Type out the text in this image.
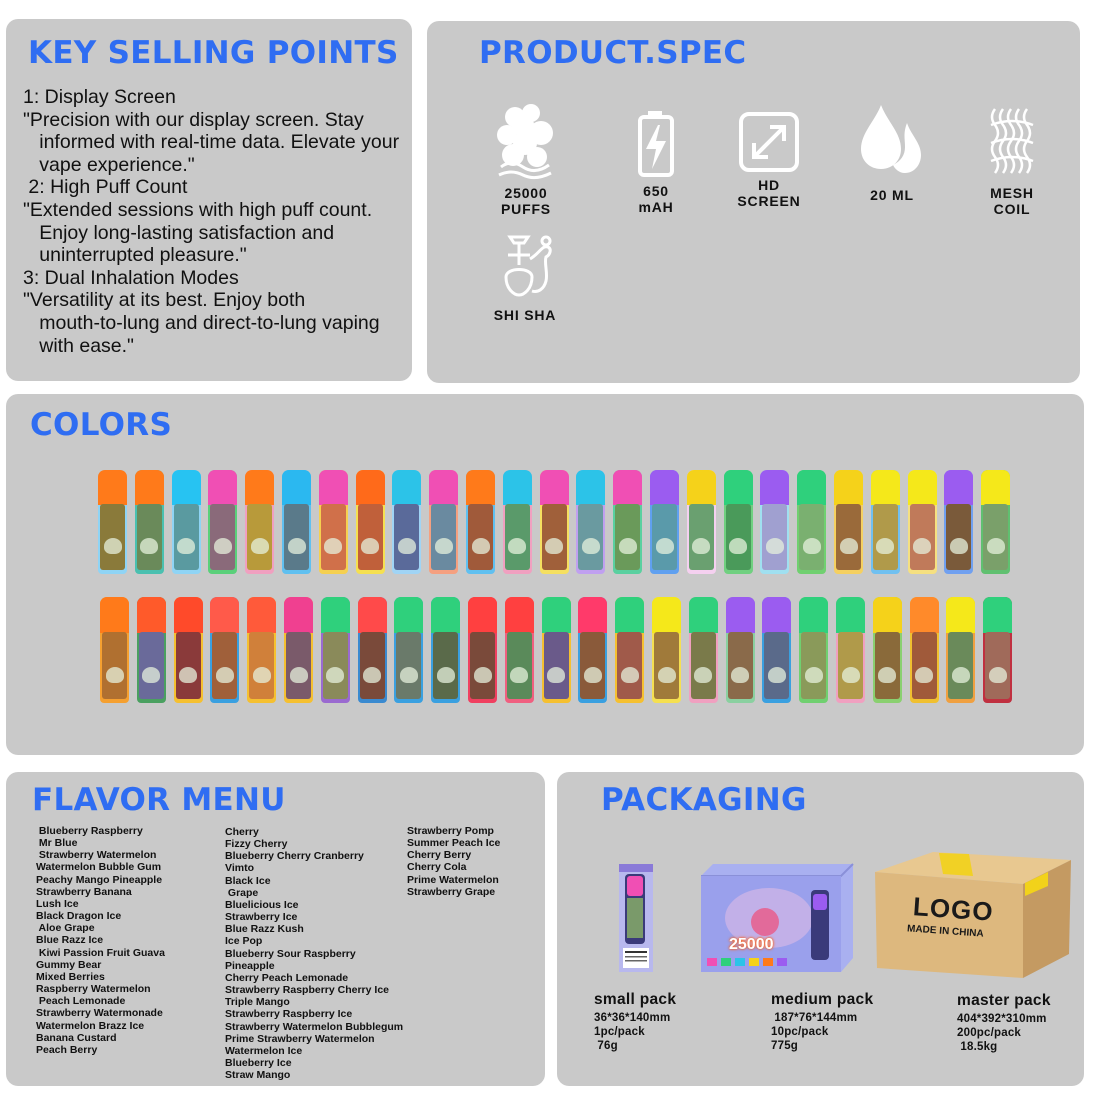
KEY SELLING POINTS
1: Display Screen
"Precision with our display screen. Stay
informed with real-time data. Elevate your
vape experience."
2: High Puff Count
"Extended sessions with high puff count.
Enjoy long-lasting satisfaction and
uninterrupted pleasure."
3: Dual Inhalation Modes
"Versatility at its best. Enjoy both
mouth-to-lung and direct-to-lung vaping
with ease."
PRODUCT.SPEC
25000
PUFFS
650
mAH
HD
SCREEN	20 ML	MESH
COIL
SHI SHA
COLORS
FLAVOR MENU
Blueberry Raspberry
Mr Blue
Strawberry Watermelon
Watermelon Bubble Gum
Peachy Mango Pineapple
Strawberry Banana
Lush Ice
Black Dragon Ice
Aloe Grape
Blue Razz Ice
Kiwi Passion Fruit Guava
Gummy Bear
Mixed Berries
Raspberry Watermelon
Peach Lemonade
Strawberry Watermonade
Watermelon Brazz Ice
Banana Custard
Peach Berry
Cherry
Fizzy Cherry
Blueberry Cherry Cranberry
Vimto
Black Ice
Grape
Bluelicious Ice
Strawberry Ice
Blue Razz Kush
Ice Pop
Blueberry Sour Raspberry
Pineapple
Cherry Peach Lemonade
Strawberry Raspberry Cherry Ice
Triple Mango
Strawberry Raspberry Ice
Strawberry Watermelon Bubblegum
Prime Strawberry Watermelon
Watermelon Ice
Blueberry Ice
Straw Mango
Strawberry Pomp
Summer Peach Ice
Cherry Berry
Cherry Cola
Prime Watermelon
Strawberry Grape
PACKAGING
25000
LOGO
MADE IN CHINA
small pack
36*36*140mm
1pc/pack
76g
medium pack
187*76*144mm
10pc/pack
775g
master pack
404*392*310mm
200pc/pack
18.5kg
